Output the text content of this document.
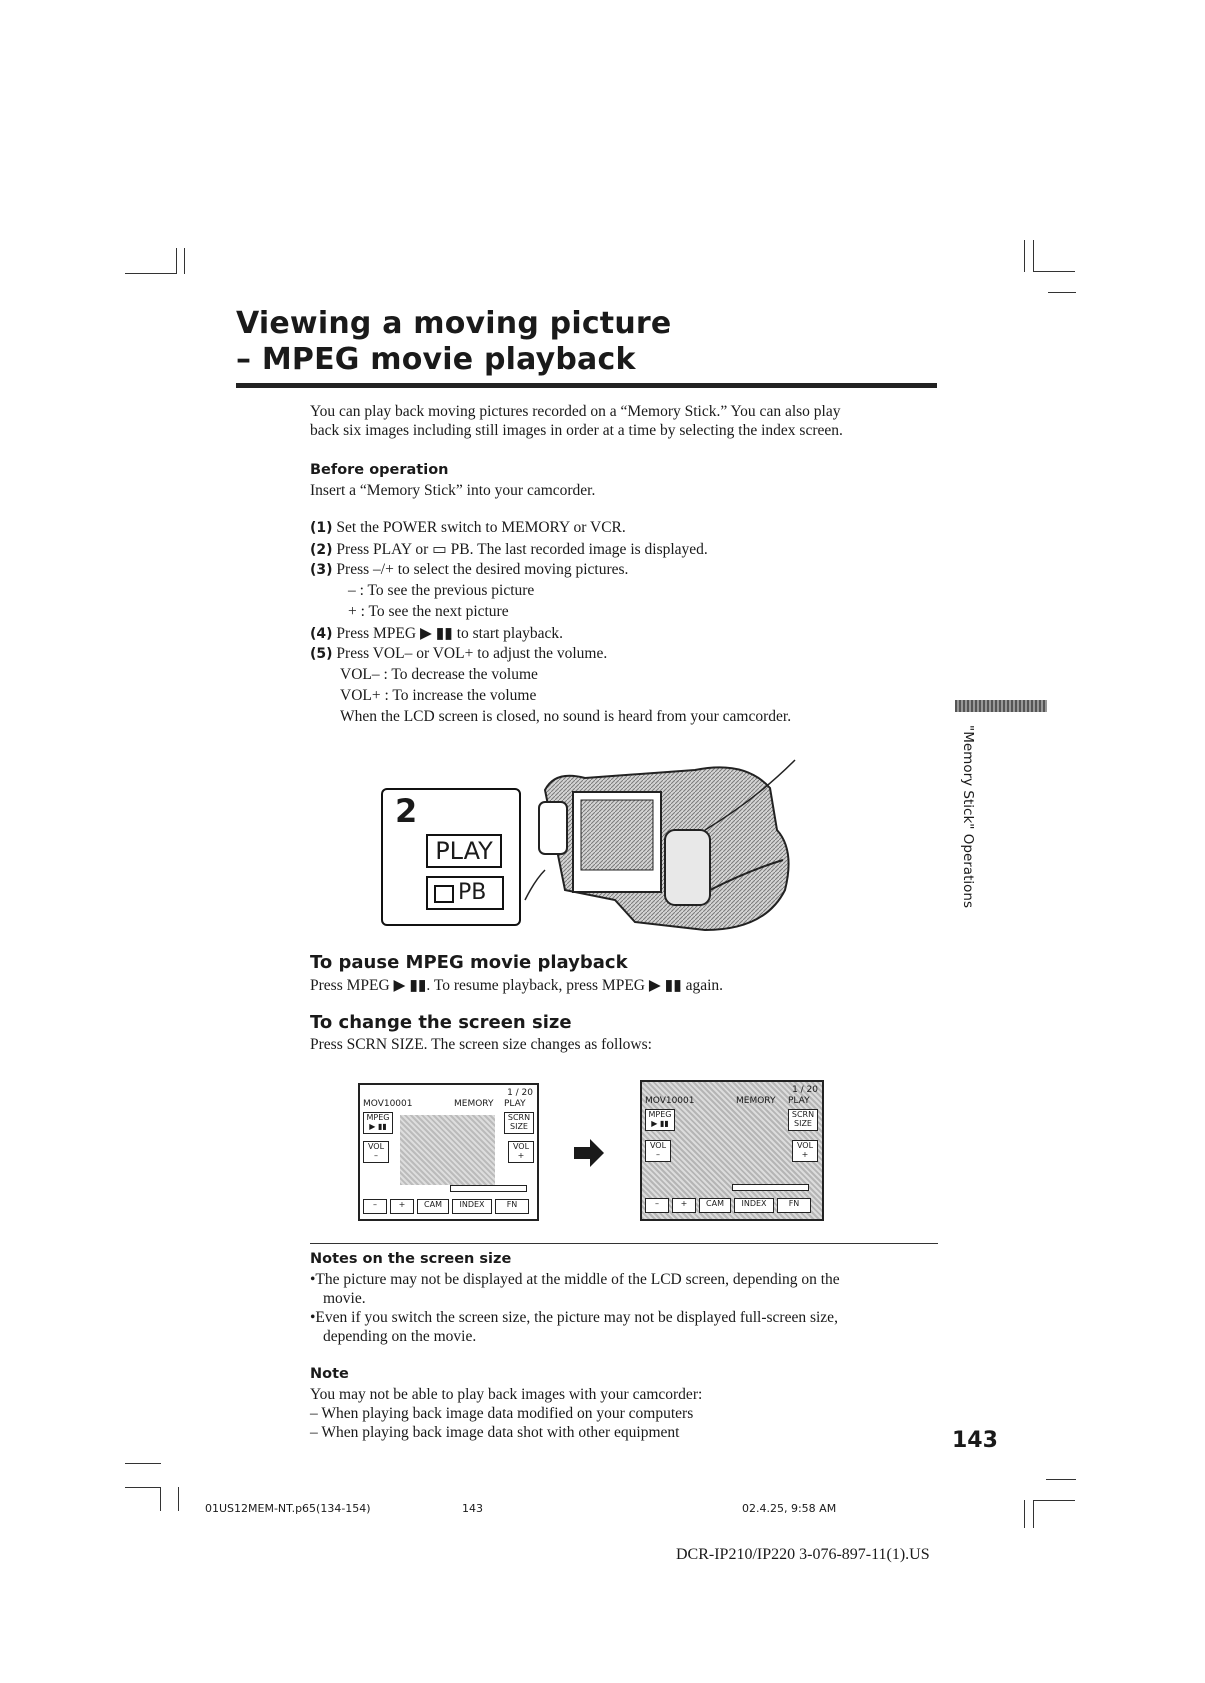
Viewing a moving picture
– MPEG movie playback
You can play back moving pictures recorded on a “Memory Stick.” You can also play
back six images including still images in order at a time by selecting the index screen.
Before operation
Insert a “Memory Stick” into your camcorder.
(1) Set the POWER switch to MEMORY or VCR.
(2) Press PLAY or ▭ PB. The last recorded image is displayed.
(3) Press –/+ to select the desired moving pictures.
– : To see the previous picture
+ : To see the next picture
(4) Press MPEG ▶ ▮▮ to start playback.
(5) Press VOL– or VOL+ to adjust the volume.
VOL– : To decrease the volume
VOL+ : To increase the volume
When the LCD screen is closed, no sound is heard from your camcorder.
"Memory Stick" Operations
2
PLAY
PB
To pause MPEG movie playback
Press MPEG ▶ ▮▮. To resume playback, press MPEG ▶ ▮▮ again.
To change the screen size
Press SCRN SIZE. The screen size changes as follows:
1 / 20
MOV10001	MEMORY PLAY
MPEG
▶ ▮▮
SCRN
SIZE
VOL
–
VOL
+
–	+	CAM	INDEX	FN
1 / 20
MOV10001	MEMORY PLAY
MPEG
▶ ▮▮
SCRN
SIZE
VOL
–
VOL
+
–	+	CAM	INDEX	FN
Notes on the screen size
•The picture may not be displayed at the middle of the LCD screen, depending on the
movie.
•Even if you switch the screen size, the picture may not be displayed full-screen size,
depending on the movie.
Note
You may not be able to play back images with your camcorder:
– When playing back image data modified on your computers
– When playing back image data shot with other equipment	143
01US12MEM-NT.p65(134-154)	143	02.4.25, 9:58 AM
DCR-IP210/IP220 3-076-897-11(1).US
